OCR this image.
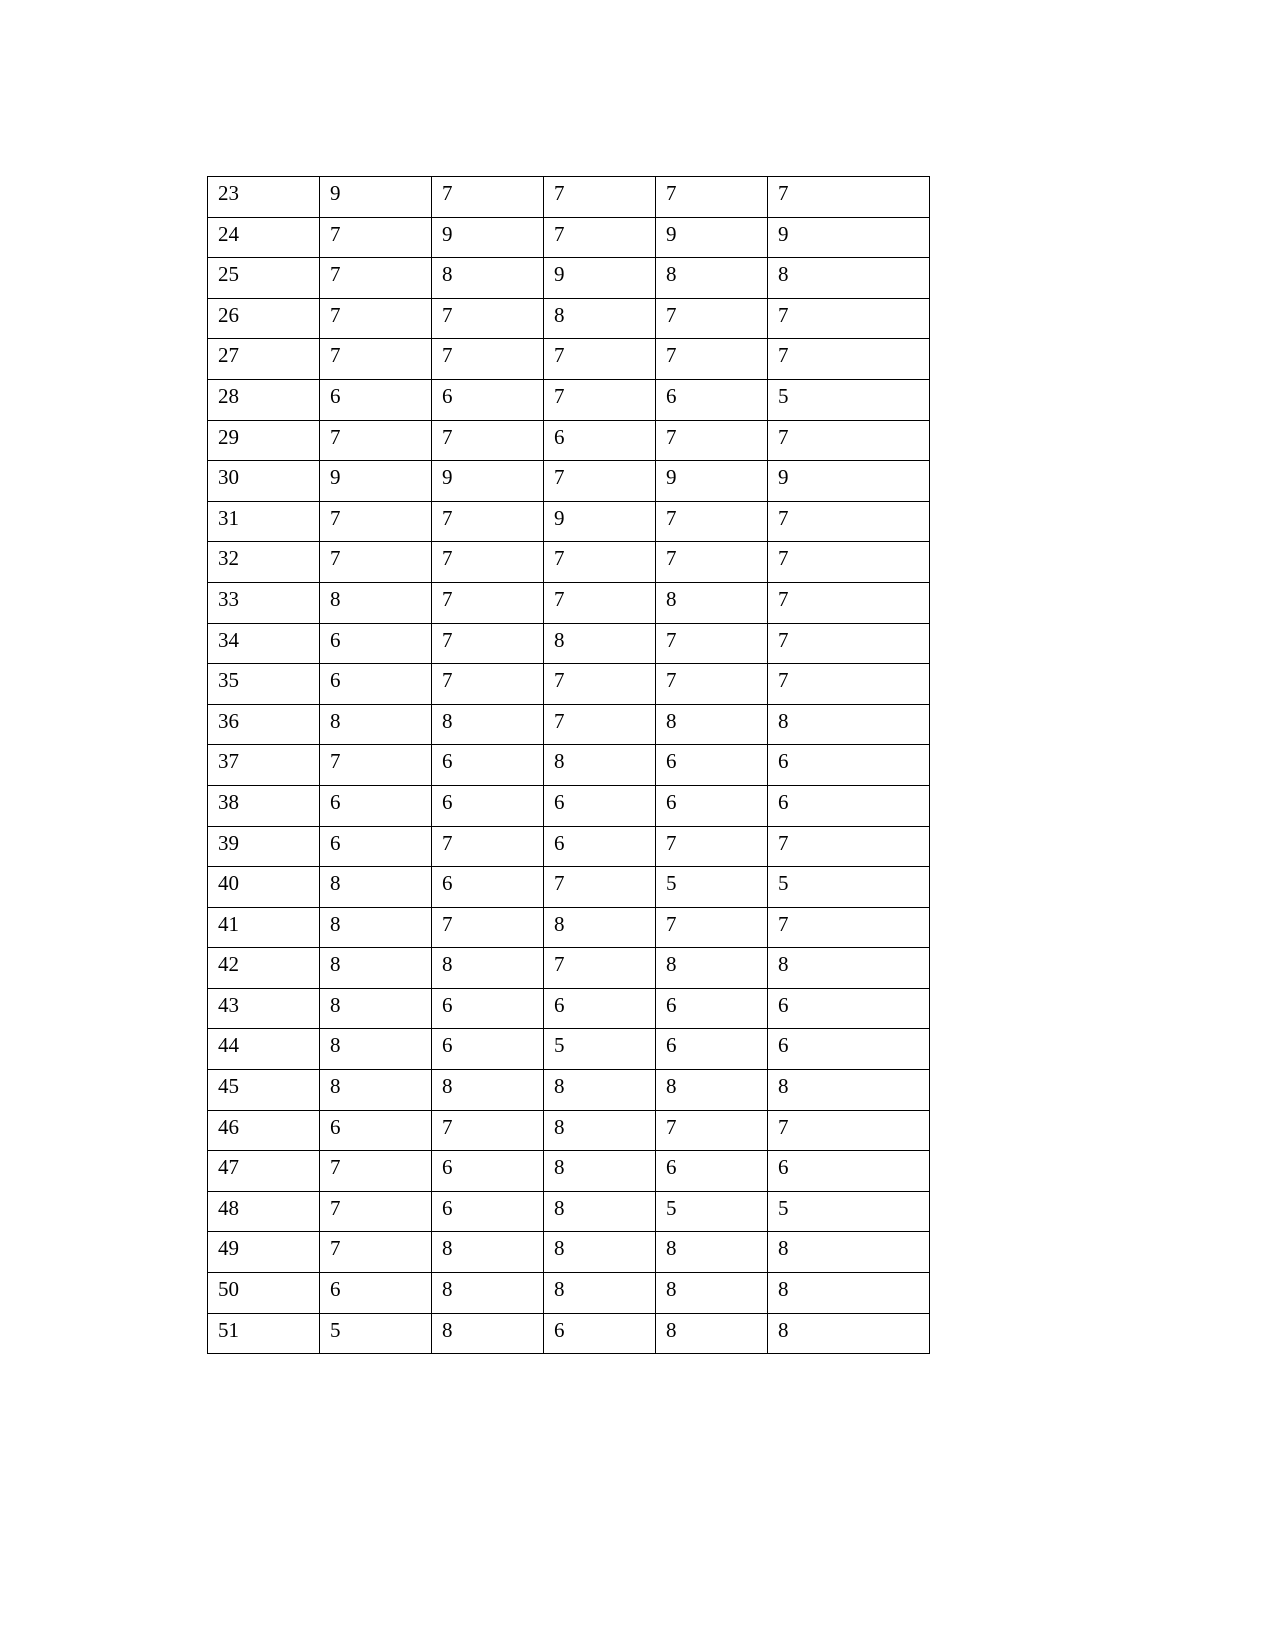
23	9	7	7	7	7
24	7	9	7	9	9
25	7	8	9	8	8
26	7	7	8	7	7
27	7	7	7	7	7
28	6	6	7	6	5
29	7	7	6	7	7
30	9	9	7	9	9
31	7	7	9	7	7
32	7	7	7	7	7
33	8	7	7	8	7
34	6	7	8	7	7
35	6	7	7	7	7
36	8	8	7	8	8
37	7	6	8	6	6
38	6	6	6	6	6
39	6	7	6	7	7
40	8	6	7	5	5
41	8	7	8	7	7
42	8	8	7	8	8
43	8	6	6	6	6
44	8	6	5	6	6
45	8	8	8	8	8
46	6	7	8	7	7
47	7	6	8	6	6
48	7	6	8	5	5
49	7	8	8	8	8
50	6	8	8	8	8
51	5	8	6	8	8
